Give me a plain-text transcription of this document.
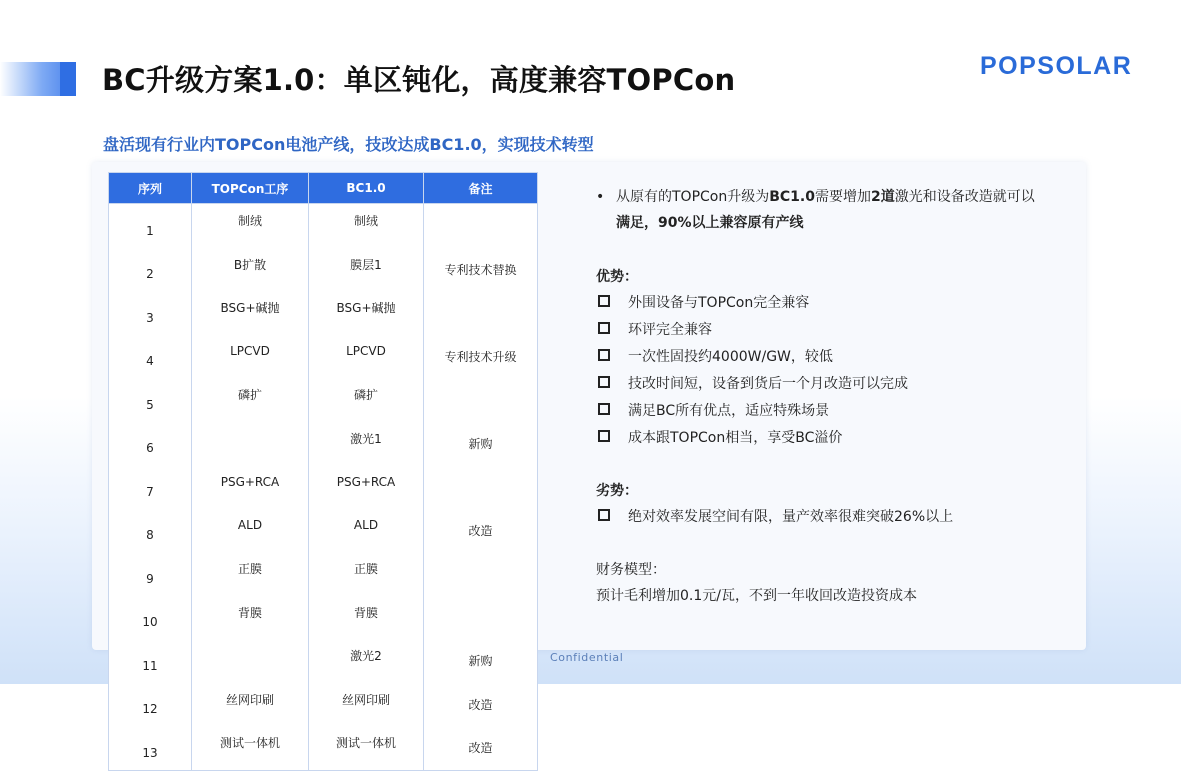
BC升级方案1.0：单区钝化，高度兼容TOPCon	POPSOLAR
盘活现有行业内TOPCon电池产线，技改达成BC1.0，实现技术转型
序列	TOPCon工序	BC1.0	备注
1	制绒	制绒	
2	B扩散	膜层1	专利技术替换
3	BSG+碱抛	BSG+碱抛	
4	LPCVD	LPCVD	专利技术升级
5	磷扩	磷扩	
6		激光1	新购
7	PSG+RCA	PSG+RCA	
8	ALD	ALD	改造
9	正膜	正膜	
10	背膜	背膜	
11		激光2	新购
12	丝网印刷	丝网印刷	改造
13	测试一体机	测试一体机	改造
• 从原有的TOPCon升级为BC1.0需要增加2道激光和设备改造就可以
满足，90%以上兼容原有产线
优势：
外围设备与TOPCon完全兼容
环评完全兼容
一次性固投约4000W/GW，较低
技改时间短，设备到货后一个月改造可以完成
满足BC所有优点，适应特殊场景
成本跟TOPCon相当，享受BC溢价
劣势：
绝对效率发展空间有限，量产效率很难突破26%以上
财务模型：
预计毛利增加0.1元/瓦，不到一年收回改造投资成本
Confidential
